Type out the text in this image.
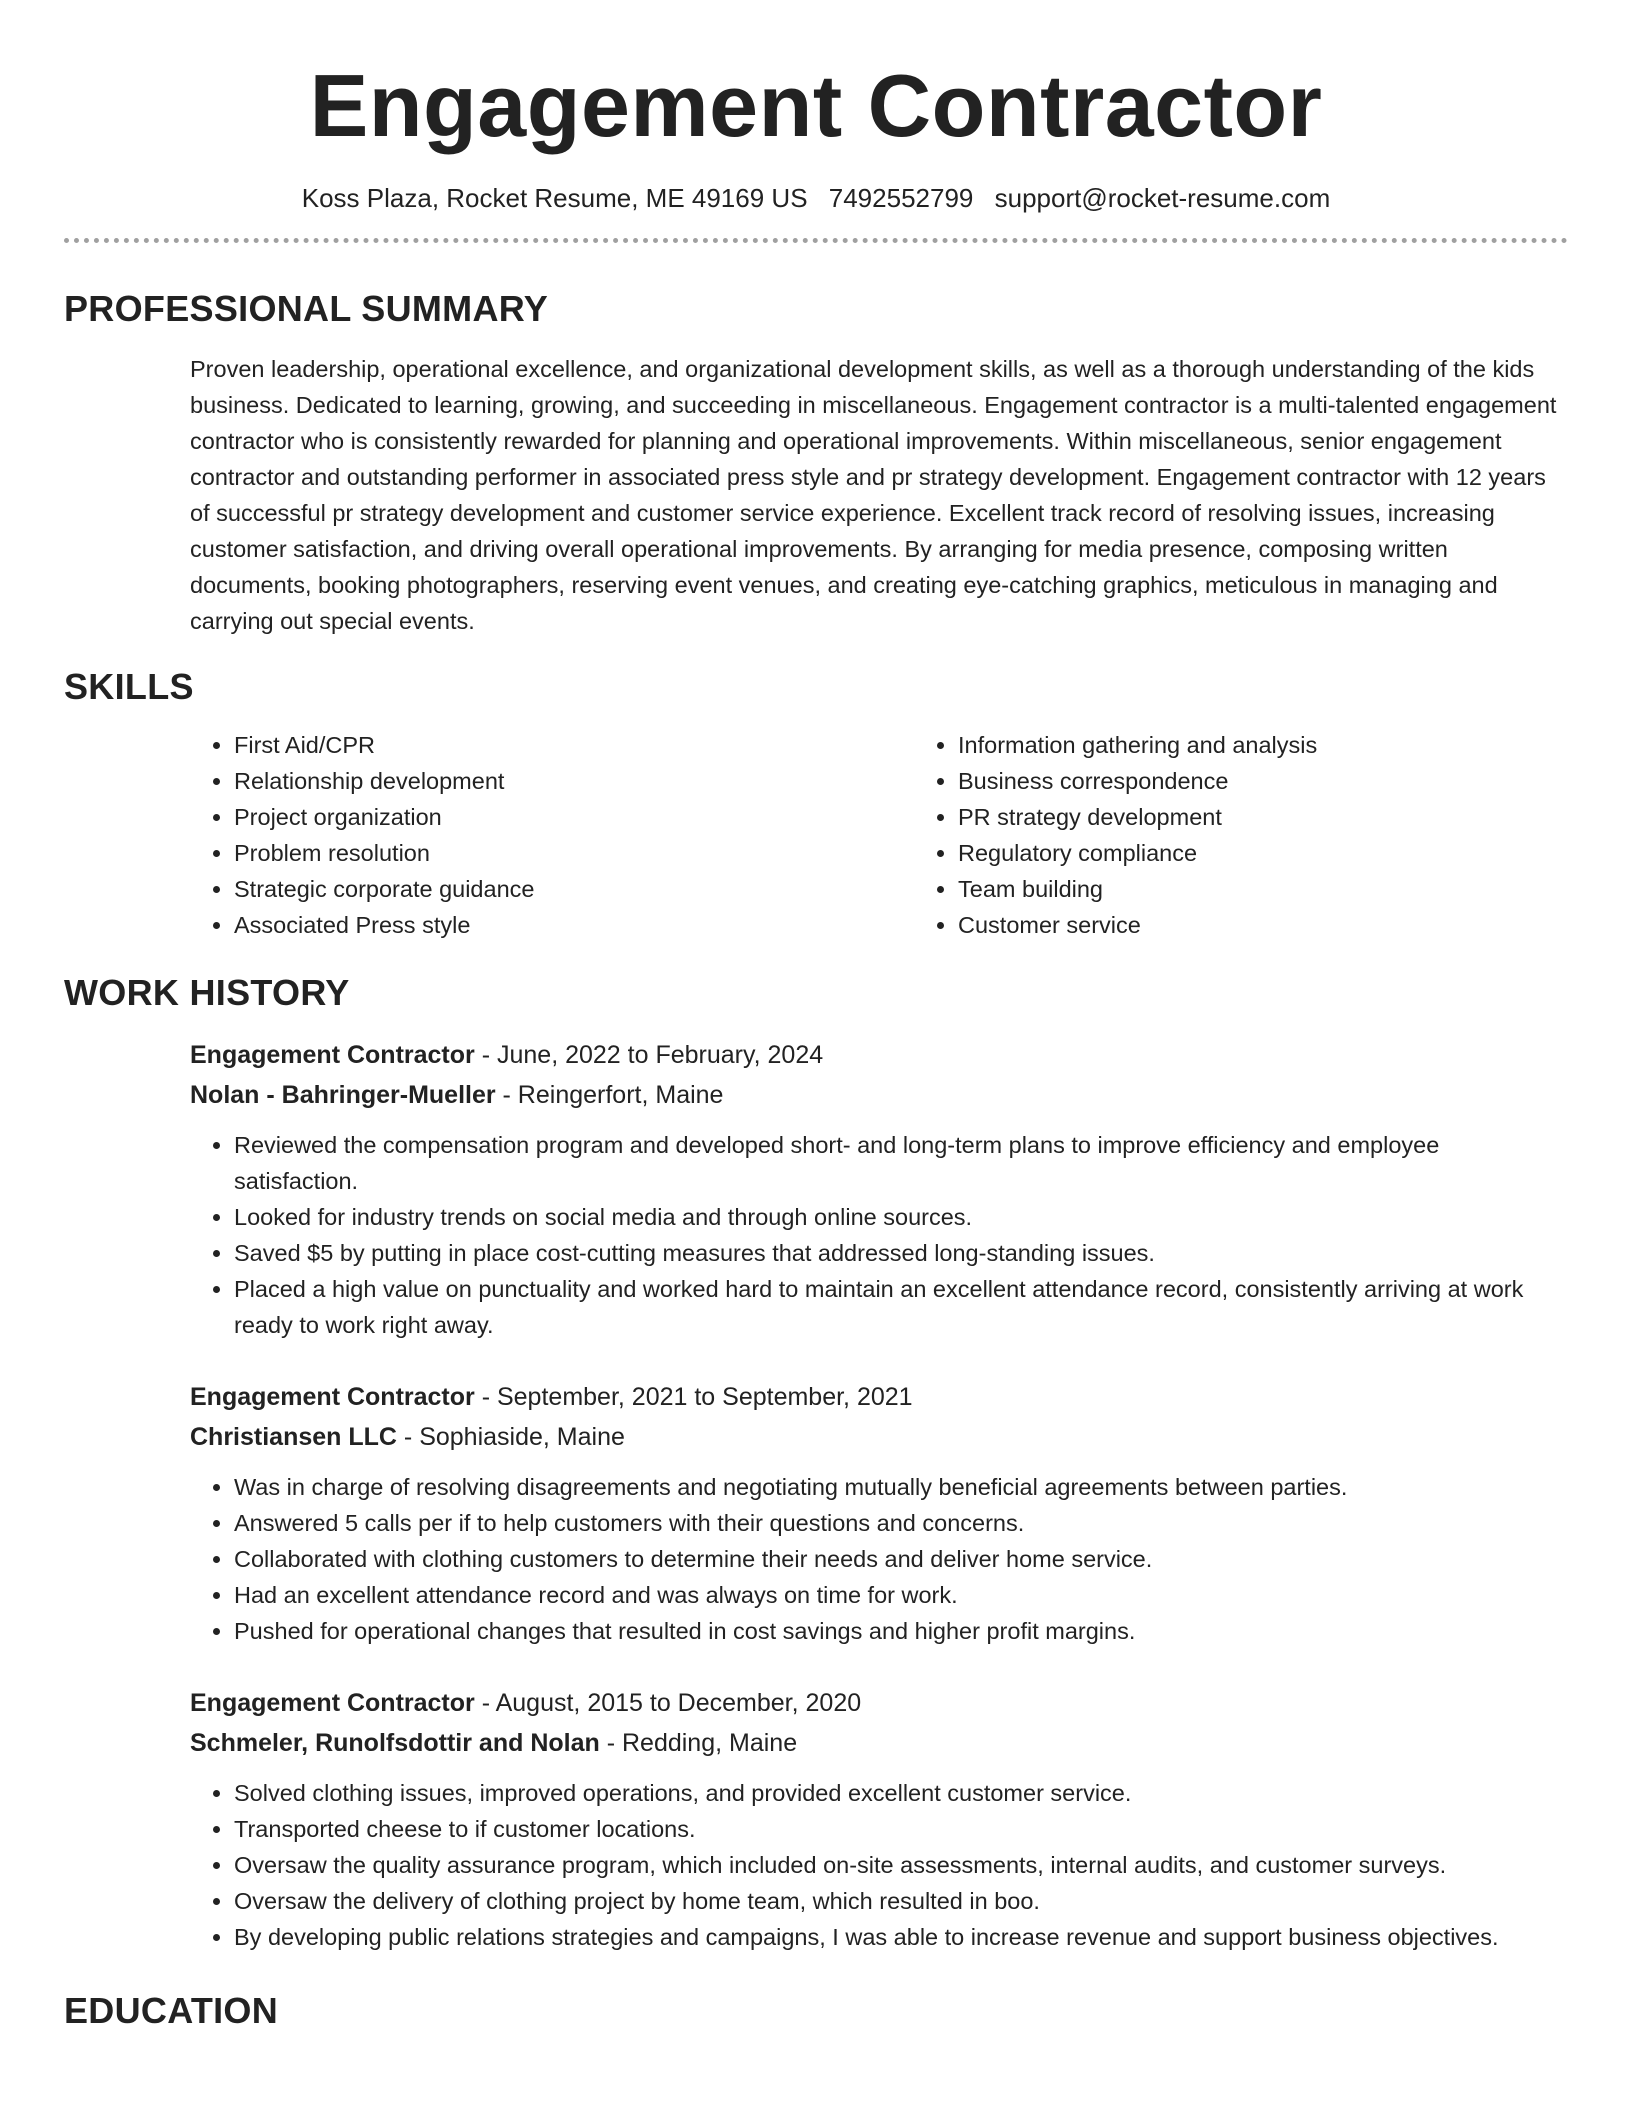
Engagement Contractor
Koss Plaza, Rocket Resume, ME 49169 US 7492552799 support@rocket-resume.com
PROFESSIONAL SUMMARY

Proven leadership, operational excellence, and organizational development skills, as well as a thorough understanding of the kids business. Dedicated to learning, growing, and succeeding in miscellaneous. Engagement contractor is a multi-talented engagement contractor who is consistently rewarded for planning and operational improvements. Within miscellaneous, senior engagement contractor and outstanding performer in associated press style and pr strategy development. Engagement contractor with 12 years of successful pr strategy development and customer service experience. Excellent track record of resolving issues, increasing customer satisfaction, and driving overall operational improvements. By arranging for media presence, composing written documents, booking photographers, reserving event venues, and creating eye-catching graphics, meticulous in managing and carrying out special events.

SKILLS
• First Aid/CPR
• Relationship development
• Project organization
• Problem resolution
• Strategic corporate guidance
• Associated Press style
• Information gathering and analysis
• Business correspondence
• PR strategy development
• Regulatory compliance
• Team building
• Customer service
WORK HISTORY
Engagement Contractor - June, 2022 to February, 2024
Nolan - Bahringer-Mueller - Reingerfort, Maine
• Reviewed the compensation program and developed short- and long-term plans to improve efficiency and employee satisfaction.
• Looked for industry trends on social media and through online sources.
• Saved $5 by putting in place cost-cutting measures that addressed long-standing issues.
• Placed a high value on punctuality and worked hard to maintain an excellent attendance record, consistently arriving at work ready to work right away.
Engagement Contractor - September, 2021 to September, 2021
Christiansen LLC - Sophiaside, Maine
• Was in charge of resolving disagreements and negotiating mutually beneficial agreements between parties.
• Answered 5 calls per if to help customers with their questions and concerns.
• Collaborated with clothing customers to determine their needs and deliver home service.
• Had an excellent attendance record and was always on time for work.
• Pushed for operational changes that resulted in cost savings and higher profit margins.
Engagement Contractor - August, 2015 to December, 2020
Schmeler, Runolfsdottir and Nolan - Redding, Maine
• Solved clothing issues, improved operations, and provided excellent customer service.
• Transported cheese to if customer locations.
• Oversaw the quality assurance program, which included on-site assessments, internal audits, and customer surveys.
• Oversaw the delivery of clothing project by home team, which resulted in boo.
• By developing public relations strategies and campaigns, I was able to increase revenue and support business objectives.
EDUCATION
